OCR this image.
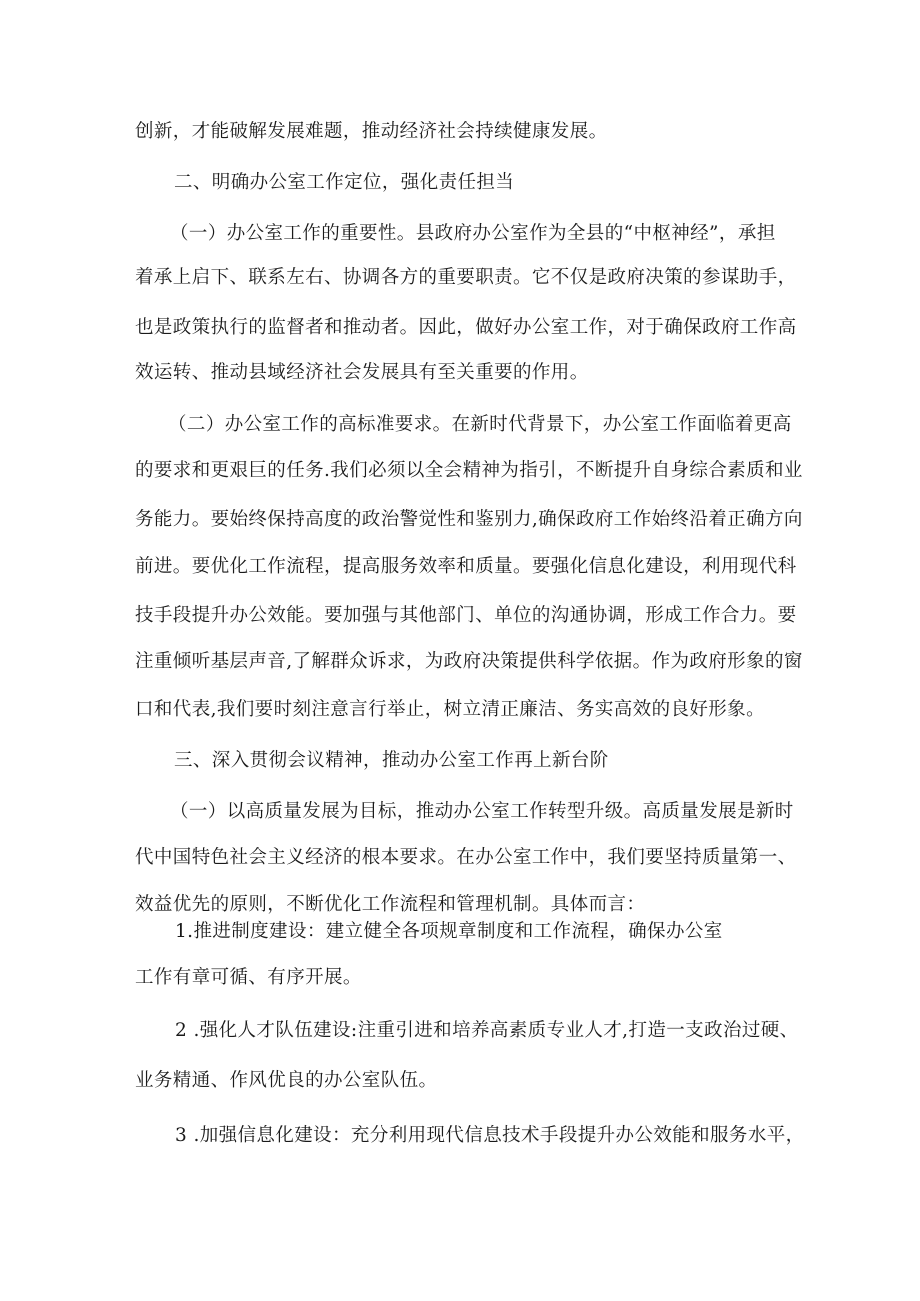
创新，才能破解发展难题，推动经济社会持续健康发展。
二、明确办公室工作定位，强化责任担当
（一）办公室工作的重要性。县政府办公室作为全县的“中枢神经”，承担
着承上启下、联系左右、协调各方的重要职责。它不仅是政府决策的参谋助手，
也是政策执行的监督者和推动者。因此，做好办公室工作，对于确保政府工作高
效运转、推动县域经济社会发展具有至关重要的作用。
（二）办公室工作的高标准要求。在新时代背景下，办公室工作面临着更高
的要求和更艰巨的任务.我们必须以全会精神为指引，不断提升自身综合素质和业
务能力。要始终保持高度的政治警觉性和鉴别力,确保政府工作始终沿着正确方向
前进。要优化工作流程，提高服务效率和质量。要强化信息化建设，利用现代科
技手段提升办公效能。要加强与其他部门、单位的沟通协调，形成工作合力。要
注重倾听基层声音,了解群众诉求，为政府决策提供科学依据。作为政府形象的窗
口和代表,我们要时刻注意言行举止，树立清正廉洁、务实高效的良好形象。
三、深入贯彻会议精神，推动办公室工作再上新台阶
（一）以高质量发展为目标，推动办公室工作转型升级。高质量发展是新时
代中国特色社会主义经济的根本要求。在办公室工作中，我们要坚持质量第一、
效益优先的原则，不断优化工作流程和管理机制。具体而言：
1.推进制度建设：建立健全各项规章制度和工作流程，确保办公室
工作有章可循、有序开展。
2 .强化人才队伍建设:注重引进和培养高素质专业人才,打造一支政治过硬、
业务精通、作风优良的办公室队伍。
3 .加强信息化建设：充分利用现代信息技术手段提升办公效能和服务水平，
